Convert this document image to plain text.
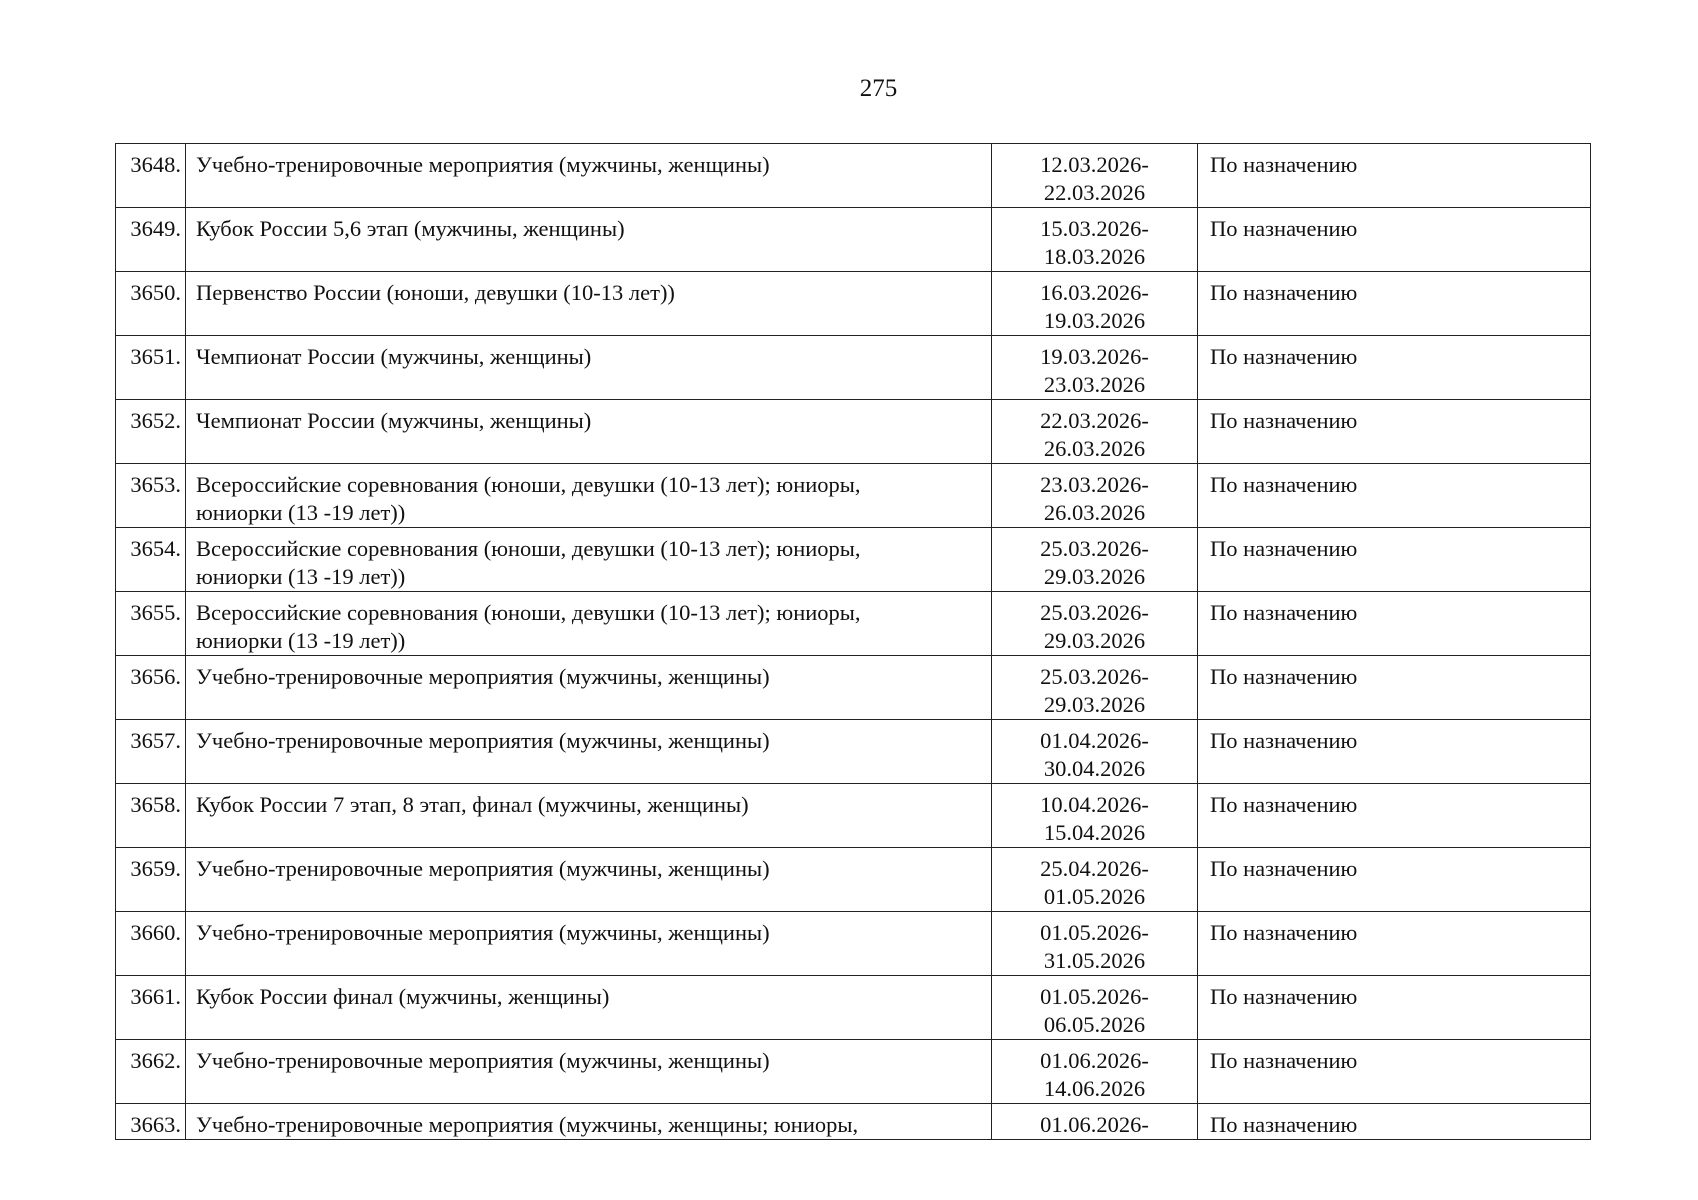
275
3648.	Учебно-тренировочные мероприятия (мужчины, женщины)	12.03.2026-
22.03.2026	По назначению
3649.	Кубок России 5,6 этап (мужчины, женщины)	15.03.2026-
18.03.2026	По назначению
3650.	Первенство России (юноши, девушки (10-13 лет))	16.03.2026-
19.03.2026	По назначению
3651.	Чемпионат России (мужчины, женщины)	19.03.2026-
23.03.2026	По назначению
3652.	Чемпионат России (мужчины, женщины)	22.03.2026-
26.03.2026	По назначению
3653.	Всероссийские соревнования (юноши, девушки (10-13 лет); юниоры,
юниорки (13 -19 лет))	23.03.2026-
26.03.2026	По назначению
3654.	Всероссийские соревнования (юноши, девушки (10-13 лет); юниоры,
юниорки (13 -19 лет))	25.03.2026-
29.03.2026	По назначению
3655.	Всероссийские соревнования (юноши, девушки (10-13 лет); юниоры,
юниорки (13 -19 лет))	25.03.2026-
29.03.2026	По назначению
3656.	Учебно-тренировочные мероприятия (мужчины, женщины)	25.03.2026-
29.03.2026	По назначению
3657.	Учебно-тренировочные мероприятия (мужчины, женщины)	01.04.2026-
30.04.2026	По назначению
3658.	Кубок России 7 этап, 8 этап, финал (мужчины, женщины)	10.04.2026-
15.04.2026	По назначению
3659.	Учебно-тренировочные мероприятия (мужчины, женщины)	25.04.2026-
01.05.2026	По назначению
3660.	Учебно-тренировочные мероприятия (мужчины, женщины)	01.05.2026-
31.05.2026	По назначению
3661.	Кубок России финал (мужчины, женщины)	01.05.2026-
06.05.2026	По назначению
3662.	Учебно-тренировочные мероприятия (мужчины, женщины)	01.06.2026-
14.06.2026	По назначению
3663.	Учебно-тренировочные мероприятия (мужчины, женщины; юниоры,	01.06.2026-	По назначению
